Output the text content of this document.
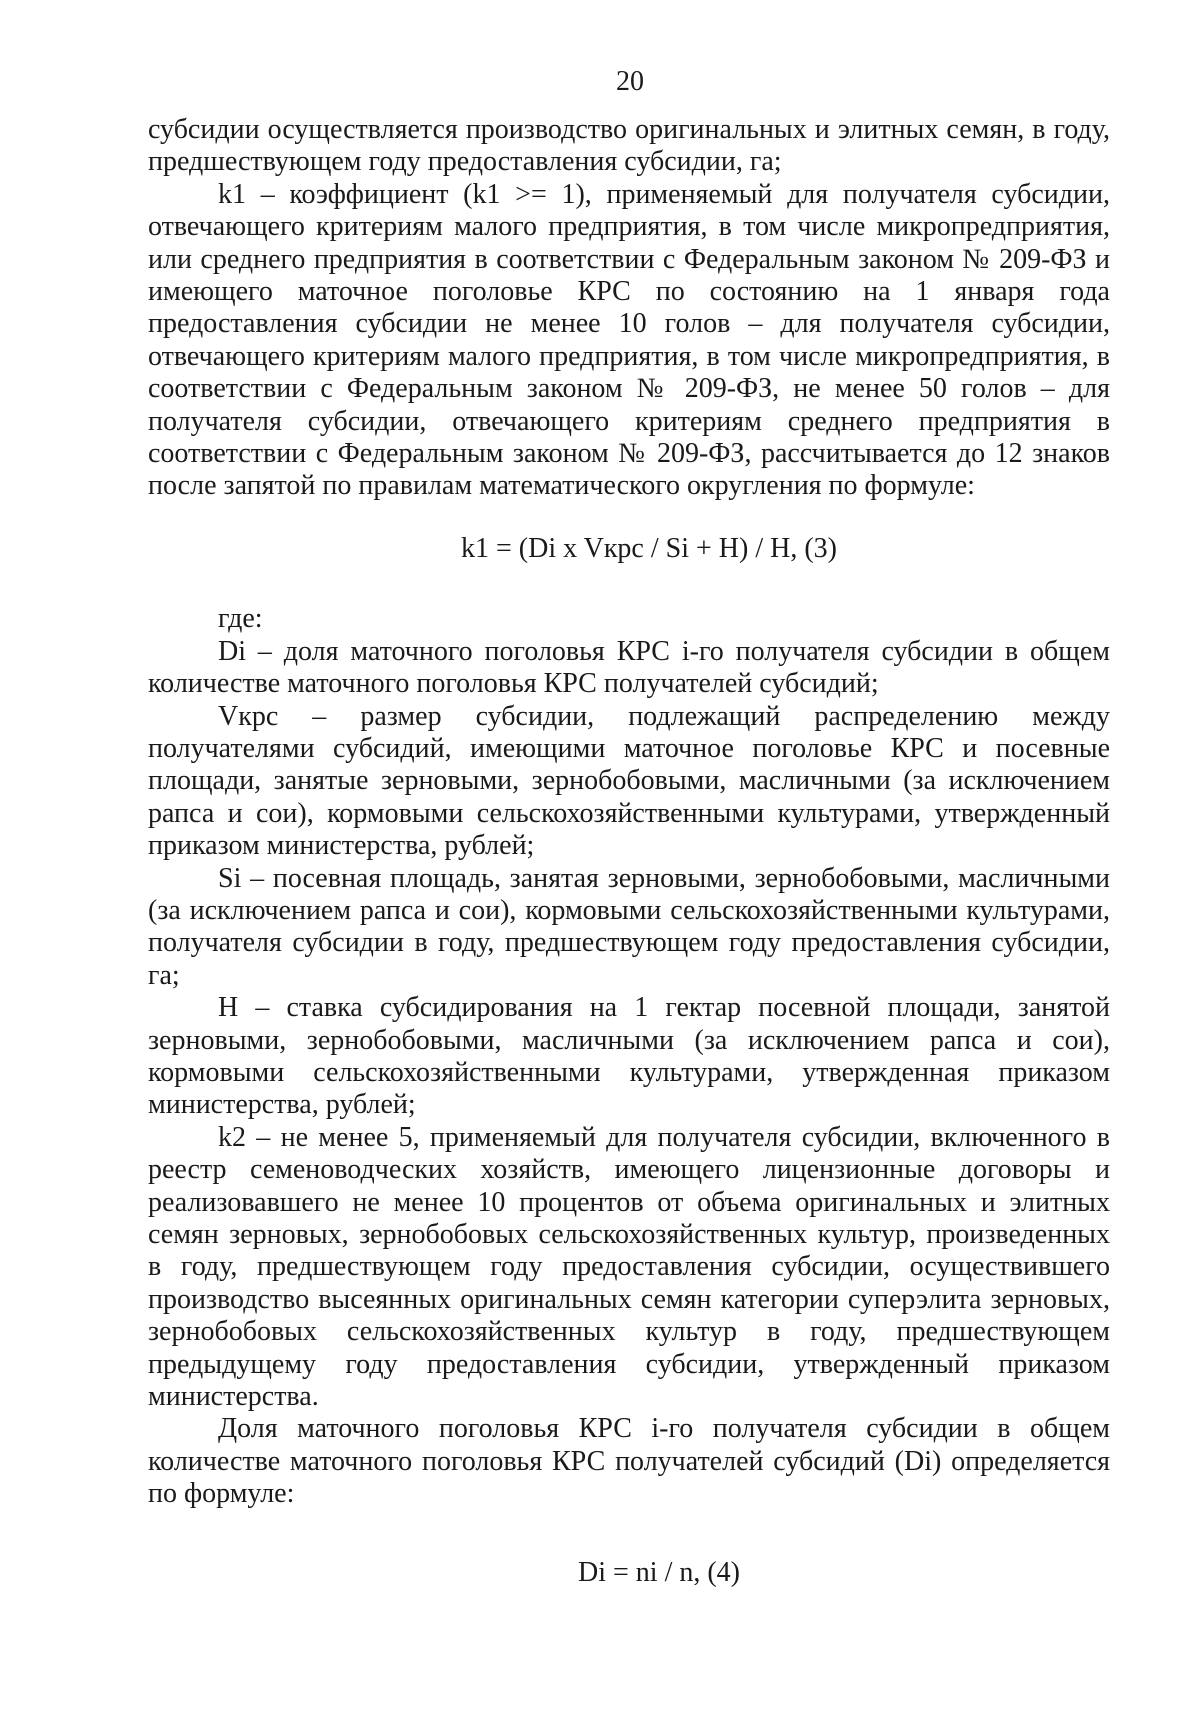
20

субсидии осуществляется производство оригинальных и элитных семян, в году, предшествующем году предоставления субсидии, га;

k1 – коэффициент (k1 >= 1), применяемый для получателя субсидии, отвечающего критериям малого предприятия, в том числе микропредприятия, или среднего предприятия в соответствии с Федеральным законом № 209-ФЗ и имеющего маточное поголовье КРС по состоянию на 1 января года предоставления субсидии не менее 10 голов – для получателя субсидии, отвечающего критериям малого предприятия, в том числе микропредприятия, в соответствии с Федеральным законом № 209-ФЗ, не менее 50 голов – для получателя субсидии, отвечающего критериям среднего предприятия в соответствии с Федеральным законом № 209-ФЗ, рассчитывается до 12 знаков после запятой по правилам математического округления по формуле:

k1 = (Di x Vкрс / Si + H) / H, (3)

где:

Di – доля маточного поголовья КРС i-го получателя субсидии в общем количестве маточного поголовья КРС получателей субсидий;

Vкрс – размер субсидии, подлежащий распределению между получателями субсидий, имеющими маточное поголовье КРС и посевные площади, занятые зерновыми, зернобобовыми, масличными (за исключением рапса и сои), кормовыми сельскохозяйственными культурами, утвержденный приказом министерства, рублей;

Si – посевная площадь, занятая зерновыми, зернобобовыми, масличными (за исключением рапса и сои), кормовыми сельскохозяйственными культурами, получателя субсидии в году, предшествующем году предоставления субсидии, га;

H – ставка субсидирования на 1 гектар посевной площади, занятой зерновыми, зернобобовыми, масличными (за исключением рапса и сои), кормовыми сельскохозяйственными культурами, утвержденная приказом министерства, рублей;

k2 – не менее 5, применяемый для получателя субсидии, включенного в реестр семеноводческих хозяйств, имеющего лицензионные договоры и реализовавшего не менее 10 процентов от объема оригинальных и элитных семян зерновых, зернобобовых сельскохозяйственных культур, произведенных в году, предшествующем году предоставления субсидии, осуществившего производство высеянных оригинальных семян категории суперэлита зерновых, зернобобовых сельскохозяйственных культур в году, предшествующем предыдущему году предоставления субсидии, утвержденный приказом министерства.

Доля маточного поголовья КРС i-го получателя субсидии в общем количестве маточного поголовья КРС получателей субсидий (Di) определяется по формуле:

Di = ni / n, (4)
